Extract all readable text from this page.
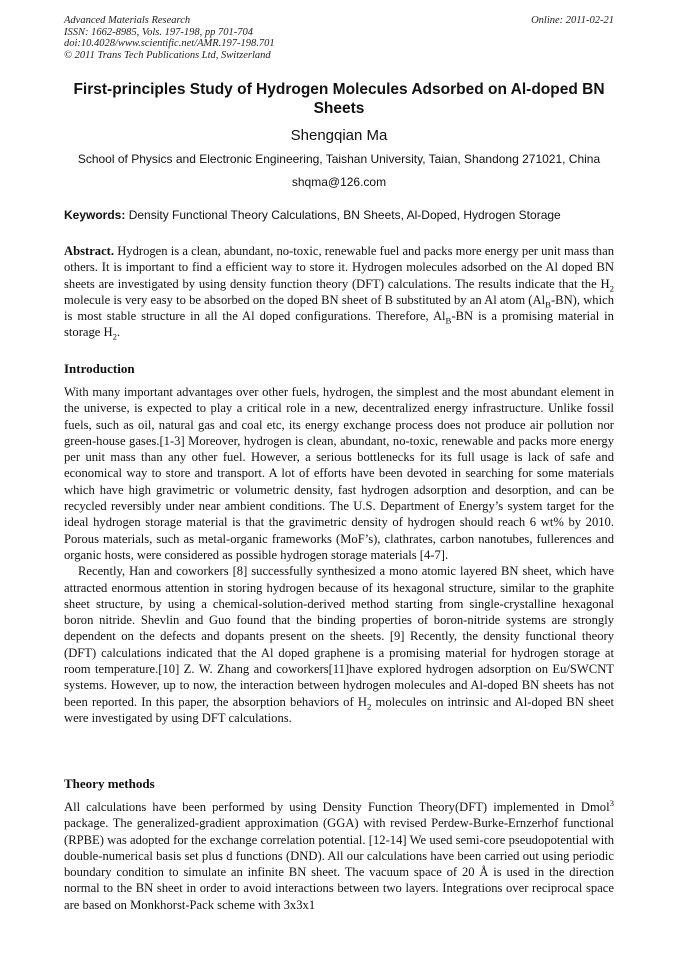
Advanced Materials Research
ISSN: 1662-8985, Vols. 197-198, pp 701-704
doi:10.4028/www.scientific.net/AMR.197-198.701
© 2011 Trans Tech Publications Ltd, Switzerland
Online: 2011-02-21
First-principles Study of Hydrogen Molecules Adsorbed on Al-doped BN Sheets
Shengqian Ma
School of Physics and Electronic Engineering, Taishan University, Taian, Shandong 271021, China
shqma@126.com
Keywords: Density Functional Theory Calculations, BN Sheets, Al-Doped, Hydrogen Storage
Abstract. Hydrogen is a clean, abundant, no-toxic, renewable fuel and packs more energy per unit mass than others. It is important to find a efficient way to store it. Hydrogen molecules adsorbed on the Al doped BN sheets are investigated by using density function theory (DFT) calculations. The results indicate that the $H_2$ molecule is very easy to be absorbed on the doped BN sheet of B substituted by an Al atom $(Al_B-BN)$, which is most stable structure in all the Al doped configurations. Therefore, $Al_B-BN$ is a promising material in storage $H_2$.
Introduction
With many important advantages over other fuels, hydrogen, the simplest and the most abundant element in the universe, is expected to play a critical role in a new, decentralized energy infrastructure. Unlike fossil fuels, such as oil, natural gas and coal etc, its energy exchange process does not produce air pollution nor green-house gases.[1-3] Moreover, hydrogen is clean, abundant, no-toxic, renewable and packs more energy per unit mass than any other fuel. However, a serious bottlenecks for its full usage is lack of safe and economical way to store and transport. A lot of efforts have been devoted in searching for some materials which have high gravimetric or volumetric density, fast hydrogen adsorption and desorption, and can be recycled reversibly under near ambient conditions. The U.S. Department of Energy’s system target for the ideal hydrogen storage material is that the gravimetric density of hydrogen should reach 6 wt% by 2010. Porous materials, such as metal-organic frameworks (MoF’s), clathrates, carbon nanotubes, fullerences and organic hosts, were considered as possible hydrogen storage materials [4-7].
Recently, Han and coworkers [8] successfully synthesized a mono atomic layered BN sheet, which have attracted enormous attention in storing hydrogen because of its hexagonal structure, similar to the graphite sheet structure, by using a chemical-solution-derived method starting from single-crystalline hexagonal boron nitride. Shevlin and Guo found that the binding properties of boron-nitride systems are strongly dependent on the defects and dopants present on the sheets. [9] Recently, the density functional theory (DFT) calculations indicated that the Al doped graphene is a promising material for hydrogen storage at room temperature.[10] Z. W. Zhang and coworkers[11]have explored hydrogen adsorption on Eu/SWCNT systems. However, up to now, the interaction between hydrogen molecules and Al-doped BN sheets has not been reported. In this paper, the absorption behaviors of $H_2$ molecules on intrinsic and Al-doped BN sheet were investigated by using DFT calculations.
Theory methods
All calculations have been performed by using Density Function Theory(DFT) implemented in Dmol$^3$ package. The generalized-gradient approximation (GGA) with revised Perdew-Burke-Ernzerhof functional (RPBE) was adopted for the exchange correlation potential. [12-14] We used semi-core pseudopotential with double-numerical basis set plus d functions (DND). All our calculations have been carried out using periodic boundary condition to simulate an infinite BN sheet. The vacuum space of 20 Å is used in the direction normal to the BN sheet in order to avoid interactions between two layers. Integrations over reciprocal space are based on Monkhorst-Pack scheme with 3x3x1
